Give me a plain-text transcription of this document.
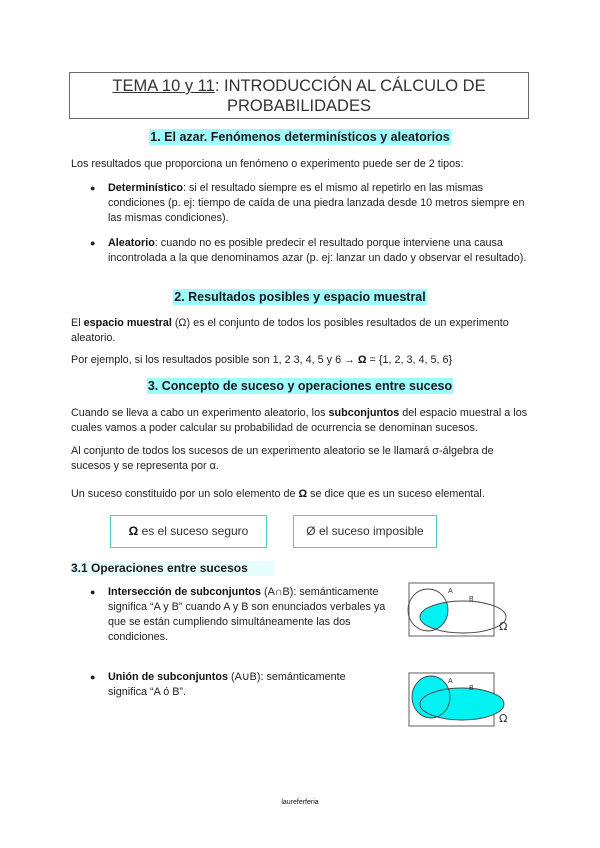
TEMA 10 y 11: INTRODUCCIÓN AL CÁLCULO DE
PROBABILIDADES
1. El azar. Fenómenos determinísticos y aleatorios
Los resultados que proporciona un fenómeno o experimento puede ser de 2 tipos:
● Determinístico: si el resultado siempre es el mismo al repetirlo en las mismas condiciones (p. ej: tiempo de caída de una piedra lanzada desde 10 metros siempre en las mismas condiciones).
● Aleatorio: cuando no es posible predecir el resultado porque interviene una causa incontrolada a la que denominamos azar (p. ej: lanzar un dado y observar el resultado).
2. Resultados posibles y espacio muestral
El espacio muestral (Ω) es el conjunto de todos los posibles resultados de un experimento aleatorio.
Por ejemplo, si los resultados posible son 1, 2 3, 4, 5 y 6 → Ω = {1, 2, 3, 4, 5, 6}
3. Concepto de suceso y operaciones entre suceso
Cuando se lleva a cabo un experimento aleatorio, los subconjuntos del espacio muestral a los cuales vamos a poder calcular su probabilidad de ocurrencia se denominan sucesos.
Al conjunto de todos los sucesos de un experimento aleatorio se le llamará σ-álgebra de sucesos y se representa por α.
Un suceso constituido por un solo elemento de Ω se dice que es un suceso elemental.
Ω es el suceso seguro	Ø el suceso imposible
3.1 Operaciones entre sucesos
● Intersección de subconjuntos (A∩B): semánticamente significa “A y B” cuando A y B son enunciados verbales ya que se están cumpliendo simultáneamente las dos condiciones.
● Unión de subconjuntos (A∪B): semánticamente significa “A ó B”.
A
B
Ω
A
B
Ω
laureferferia
